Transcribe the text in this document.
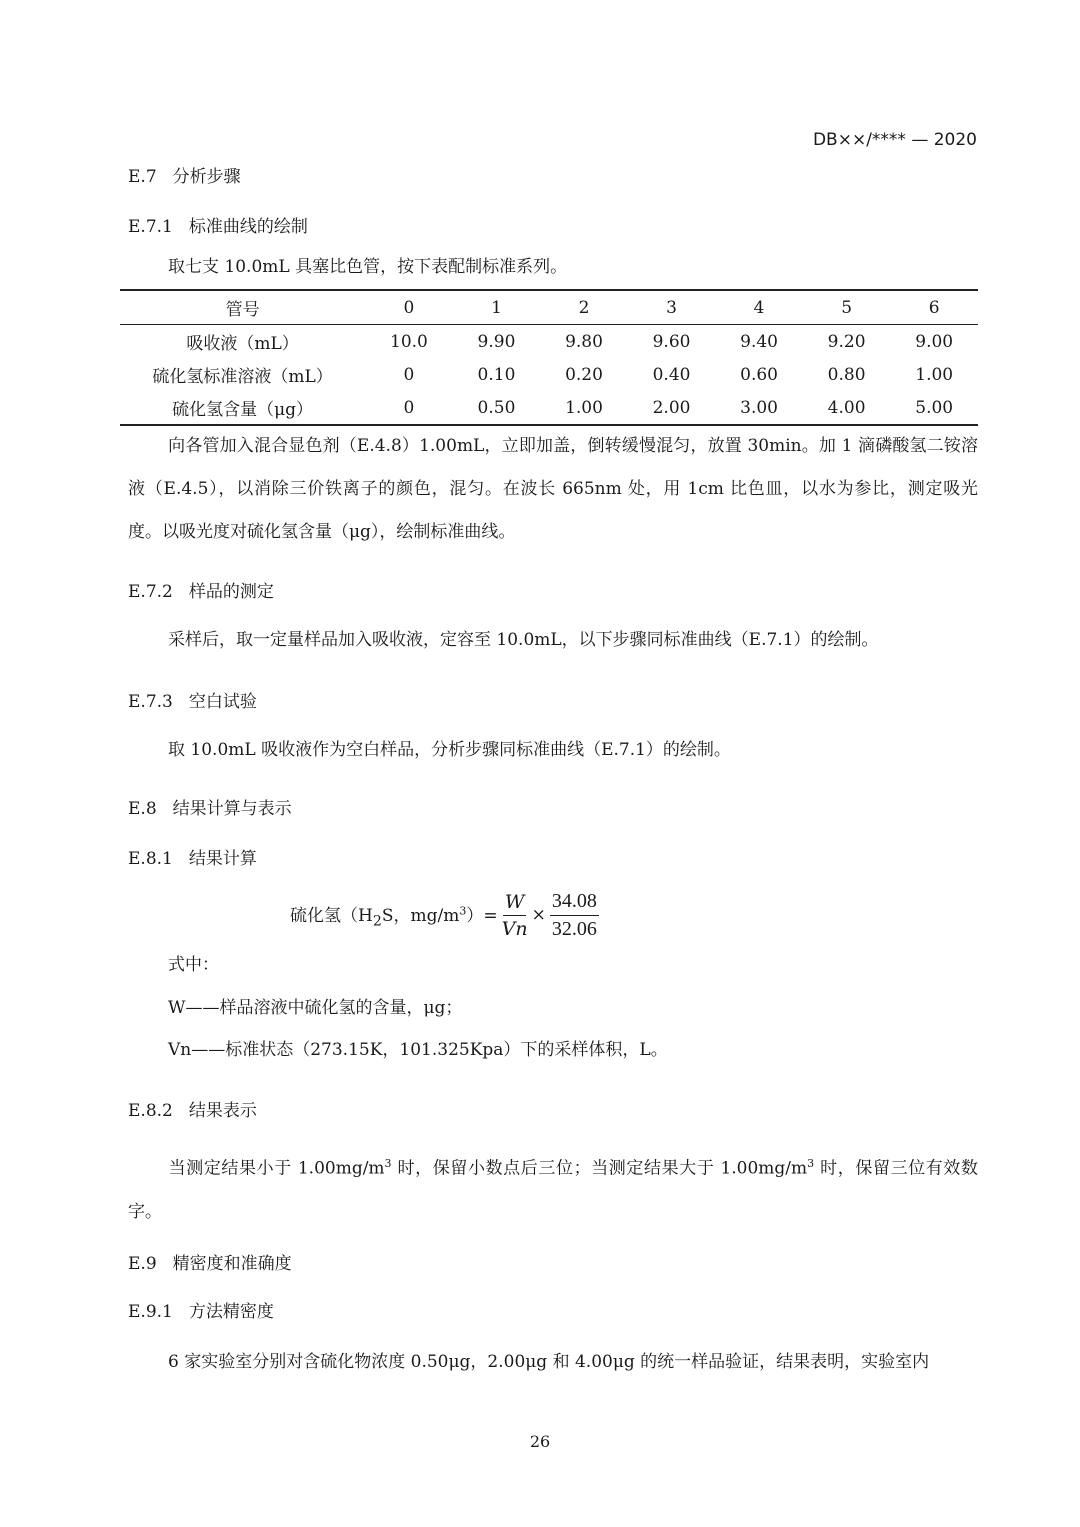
DB××/**** — 2020
E.7 分析步骤
E.7.1 标准曲线的绘制
取七支 10.0mL 具塞比色管，按下表配制标准系列。
管号	0	1	2	3	4	5	6
吸收液（mL）	10.0	9.90	9.80	9.60	9.40	9.20	9.00
硫化氢标准溶液（mL）	0	0.10	0.20	0.40	0.60	0.80	1.00
硫化氢含量（μg）	0	0.50	1.00	2.00	3.00	4.00	5.00
向各管加入混合显色剂（E.4.8）1.00mL，立即加盖，倒转缓慢混匀，放置 30min。加 1 滴磷酸氢二铵溶液（E.4.5），以消除三价铁离子的颜色，混匀。在波长 665nm 处，用 1cm 比色皿，以水为参比，测定吸光度。以吸光度对硫化氢含量（μg），绘制标准曲线。
E.7.2 样品的测定
采样后，取一定量样品加入吸收液，定容至 10.0mL，以下步骤同标准曲线（E.7.1）的绘制。
E.7.3 空白试验
取 10.0mL 吸收液作为空白样品，分析步骤同标准曲线（E.7.1）的绘制。
E.8 结果计算与表示
E.8.1 结果计算
硫化氢（$H_2S$，$mg/m^3)= \frac{W}{Vn} \times \frac{34.08}{32.06}$
式中：
W——样品溶液中硫化氢的含量，μg；
Vn——标准状态（273.15K，101.325Kpa）下的采样体积，L。
E.8.2 结果表示
当测定结果小于 $1.00mg/m^3$ 时，保留小数点后三位；当测定结果大于 $1.00mg/m^3$ 时，保留三位有效数字。
E.9 精密度和准确度
E.9.1 方法精密度
6 家实验室分别对含硫化物浓度 0.50μg，2.00μg 和 4.00μg 的统一样品验证，结果表明，实验室内
26
